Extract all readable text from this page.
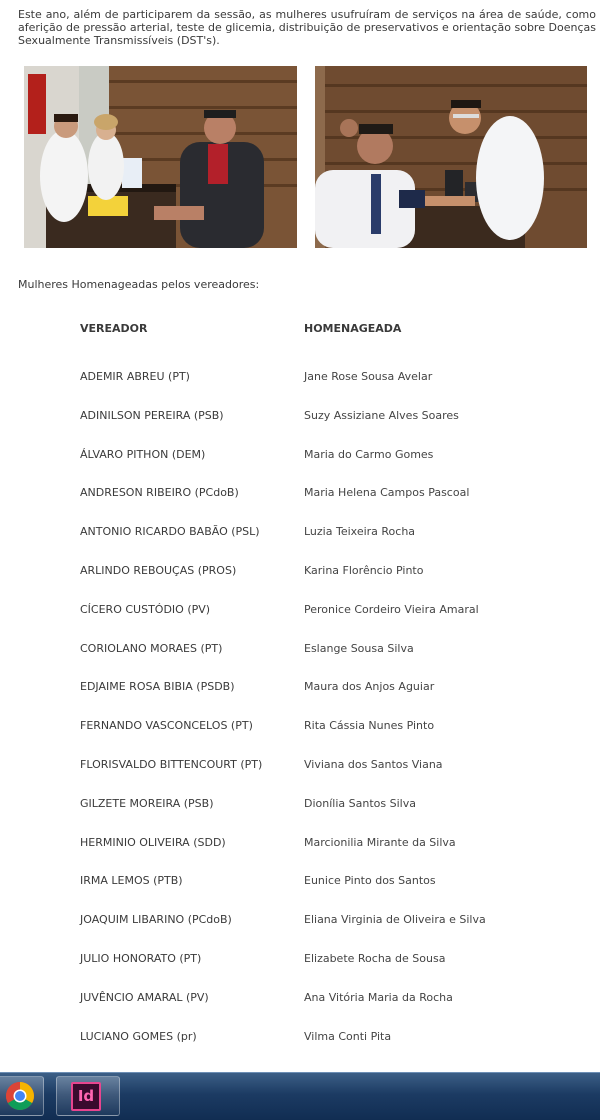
Este ano, além de participarem da sessão, as mulheres usufruíram de serviços na área de saúde, como aferição de pressão arterial, teste de glicemia, distribuição de preservativos e orientação sobre Doenças Sexualmente Transmissíveis (DST's).
Mulheres Homenageadas pelos vereadores:
VEREADOR	HOMENAGEADA
ADEMIR ABREU (PT)	Jane Rose Sousa Avelar
ADINILSON PEREIRA (PSB)	Suzy Assiziane Alves Soares
ÁLVARO PITHON (DEM)	Maria do Carmo Gomes
ANDRESON RIBEIRO (PCdoB)	Maria Helena Campos Pascoal
ANTONIO RICARDO BABÃO (PSL)	Luzia Teixeira Rocha
ARLINDO REBOUÇAS (PROS)	Karina Florêncio Pinto
CÍCERO CUSTÓDIO (PV)	Peronice Cordeiro Vieira Amaral
CORIOLANO MORAES (PT)	Eslange Sousa Silva
EDJAIME ROSA BIBIA (PSDB)	Maura dos Anjos Aguiar
FERNANDO VASCONCELOS (PT)	Rita Cássia Nunes Pinto
FLORISVALDO BITTENCOURT (PT)	Viviana dos Santos Viana
GILZETE MOREIRA (PSB)	Dionília Santos Silva
HERMINIO OLIVEIRA (SDD)	Marcionilia Mirante da Silva
IRMA LEMOS (PTB)	Eunice Pinto dos Santos
JOAQUIM LIBARINO (PCdoB)	Eliana Virginia de Oliveira e Silva
JULIO HONORATO (PT)	Elizabete Rocha de Sousa
JUVÊNCIO AMARAL (PV)	Ana Vitória Maria da Rocha
LUCIANO GOMES (pr)	Vilma Conti Pita
Id
